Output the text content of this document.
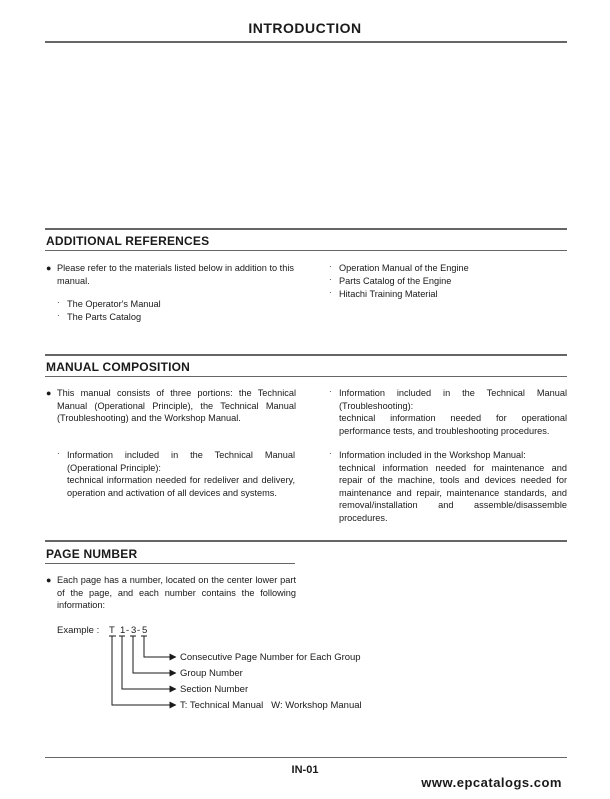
INTRODUCTION
ADDITIONAL REFERENCES
● Please refer to the materials listed below in addition to this manual.
· The Operator's Manual
· The Parts Catalog
· Operation Manual of the Engine
· Parts Catalog of the Engine
· Hitachi Training Material
MANUAL COMPOSITION
● This manual consists of three portions: the Technical Manual (Operational Principle), the Technical Manual (Troubleshooting) and the Workshop Manual.
· Information included in the Technical Manual (Operational Principle):
technical information needed for redeliver and delivery, operation and activation of all devices and systems.
· Information included in the Technical Manual (Troubleshooting):
technical information needed for operational performance tests, and troubleshooting procedures.
· Information included in the Workshop Manual:
technical information needed for maintenance and repair of the machine, tools and devices needed for maintenance and repair, maintenance standards, and removal/installation and assemble/disassemble procedures.
PAGE NUMBER
● Each page has a number, located on the center lower part of the page, and each number contains the following information:
Example : T 1 - 3 - 5
Consecutive Page Number for Each Group
Group Number
Section Number
T: Technical Manual   W: Workshop Manual
IN-01
www.epcatalogs.com
